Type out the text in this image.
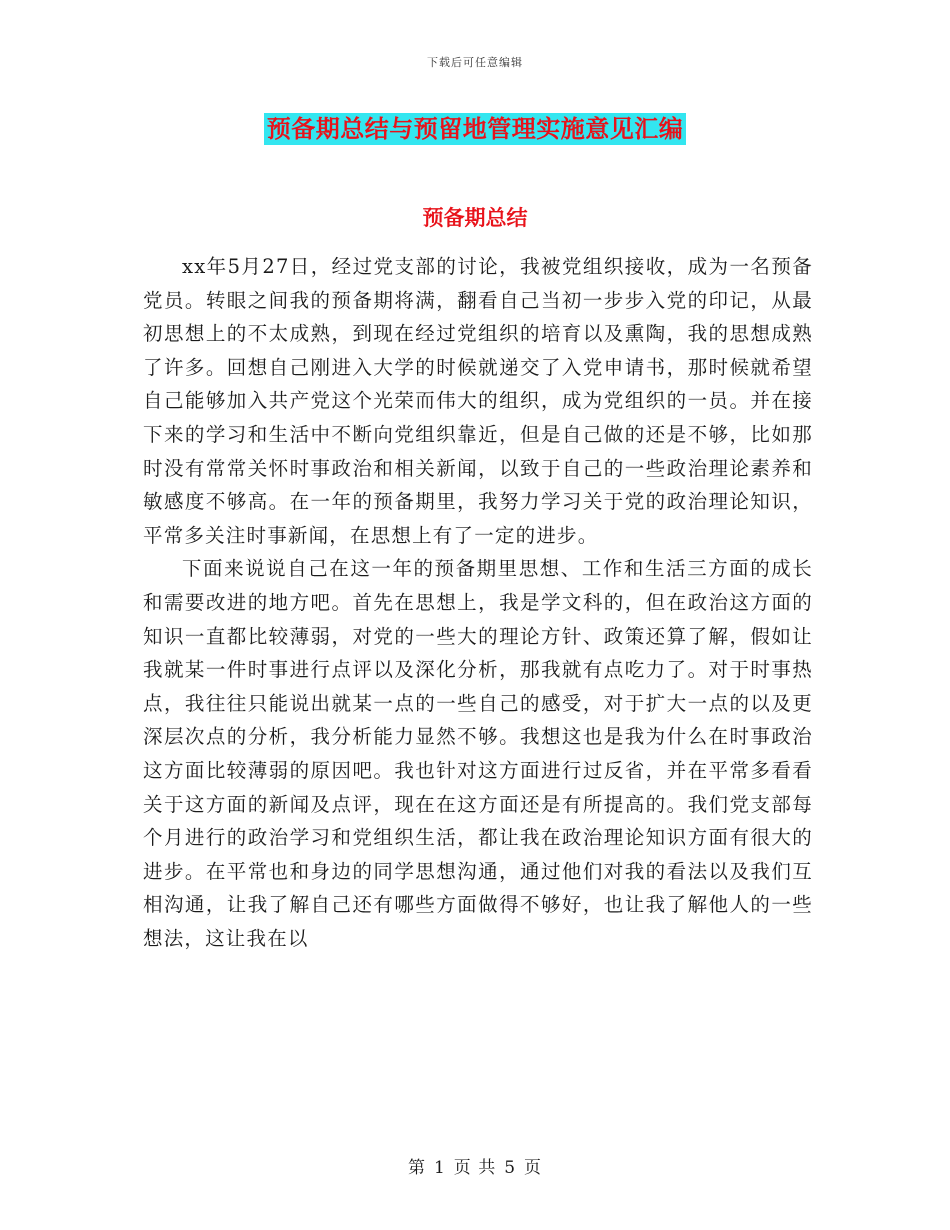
下载后可任意编辑
预备期总结与预留地管理实施意见汇编
预备期总结

xx年5月27日，经过党支部的讨论，我被党组织接收，成为一名预备党员。转眼之间我的预备期将满，翻看自己当初一步步入党的印记，从最初思想上的不太成熟，到现在经过党组织的培育以及熏陶，我的思想成熟了许多。回想自己刚进入大学的时候就递交了入党申请书，那时候就希望自己能够加入共产党这个光荣而伟大的组织，成为党组织的一员。并在接下来的学习和生活中不断向党组织靠近，但是自己做的还是不够，比如那时没有常常关怀时事政治和相关新闻，以致于自己的一些政治理论素养和敏感度不够高。在一年的预备期里，我努力学习关于党的政治理论知识，平常多关注时事新闻，在思想上有了一定的进步。

下面来说说自己在这一年的预备期里思想、工作和生活三方面的成长和需要改进的地方吧。首先在思想上，我是学文科的，但在政治这方面的知识一直都比较薄弱，对党的一些大的理论方针、政策还算了解，假如让我就某一件时事进行点评以及深化分析，那我就有点吃力了。对于时事热点，我往往只能说出就某一点的一些自己的感受，对于扩大一点的以及更深层次点的分析，我分析能力显然不够。我想这也是我为什么在时事政治这方面比较薄弱的原因吧。我也针对这方面进行过反省，并在平常多看看关于这方面的新闻及点评，现在在这方面还是有所提高的。我们党支部每个月进行的政治学习和党组织生活，都让我在政治理论知识方面有很大的进步。在平常也和身边的同学思想沟通，通过他们对我的看法以及我们互相沟通，让我了解自己还有哪些方面做得不够好，也让我了解他人的一些想法，这让我在以

第 1 页 共 5 页
